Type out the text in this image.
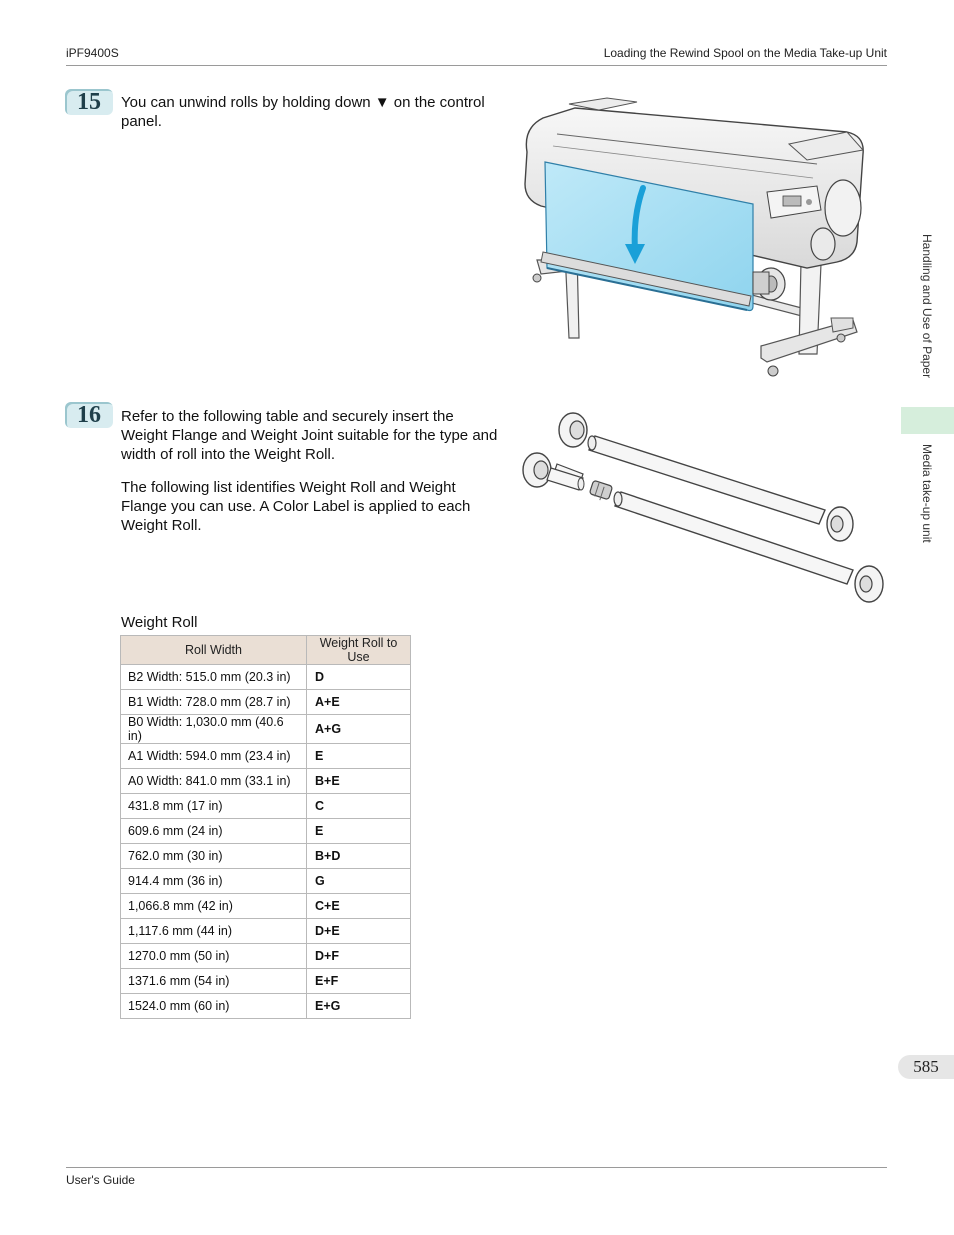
iPF9400S	Loading the Rewind Spool on the Media Take-up Unit
15	You can unwind rolls by holding down ▼ on the control panel.
16	Refer to the following table and securely insert the Weight Flange and Weight Joint suitable for the type and width of roll into the Weight Roll.
The following list identifies Weight Roll and Weight Flange you can use. A Color Label is applied to each Weight Roll.
Weight Roll
Roll Width	Weight Roll to Use
B2 Width: 515.0 mm (20.3 in)	D
B1 Width: 728.0 mm (28.7 in)	A+E
B0 Width: 1,030.0 mm (40.6 in)	A+G
A1 Width: 594.0 mm (23.4 in)	E
A0 Width: 841.0 mm (33.1 in)	B+E
431.8 mm (17 in)	C
609.6 mm (24 in)	E
762.0 mm (30 in)	B+D
914.4 mm (36 in)	G
1,066.8 mm (42 in)	C+E
1,117.6 mm (44 in)	D+E
1270.0 mm (50 in)	D+F
1371.6 mm (54 in)	E+F
1524.0 mm (60 in)	E+G
Handling and Use of Paper
Media take-up unit
585
User's Guide
